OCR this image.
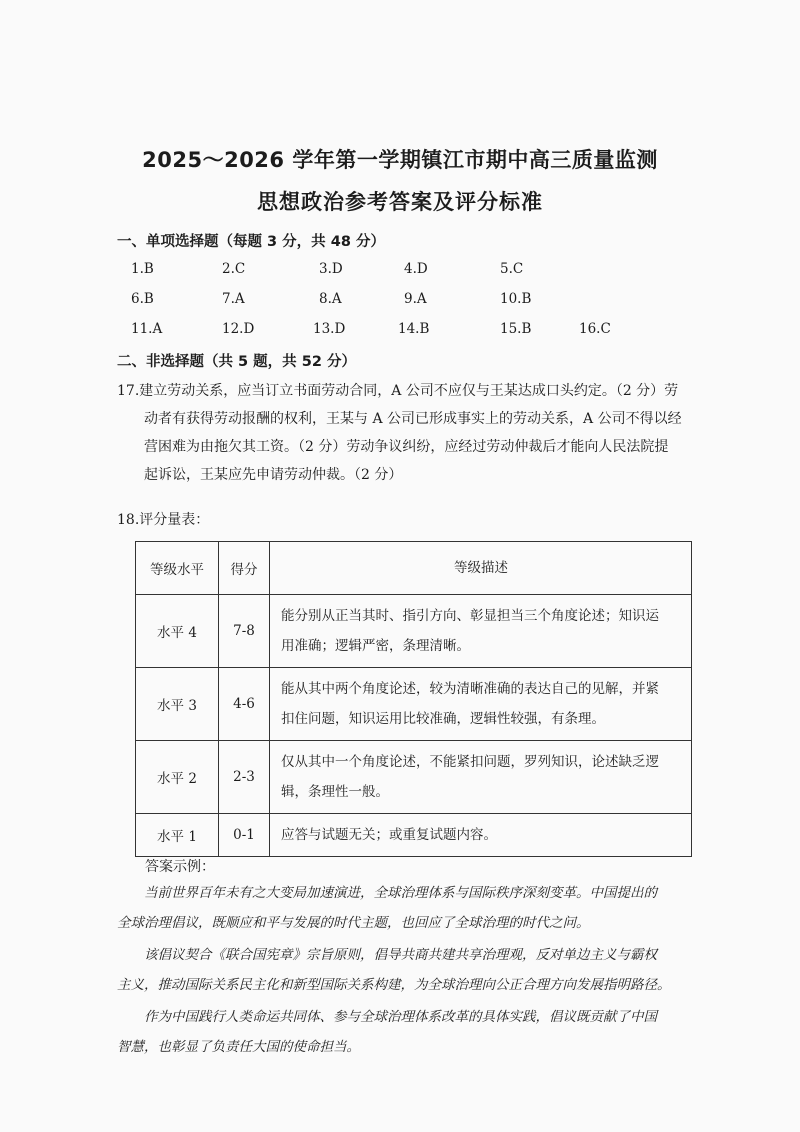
2025～2026 学年第一学期镇江市期中高三质量监测
思想政治参考答案及评分标准
一、单项选择题（每题 3 分，共 48 分）
1.B	2.C	3.D	4.D	5.C
6.B	7.A	8.A	9.A	10.B
11.A	12.D	13.D	14.B	15.B	16.C
二、非选择题（共 5 题，共 52 分）
17.建立劳动关系，应当订立书面劳动合同，A 公司不应仅与王某达成口头约定。（2 分）劳
动者有获得劳动报酬的权利，王某与 A 公司已形成事实上的劳动关系，A 公司不得以经
营困难为由拖欠其工资。（2 分）劳动争议纠纷，应经过劳动仲裁后才能向人民法院提
起诉讼，王某应先申请劳动仲裁。（2 分）
18.评分量表：
等级水平	得分	等级描述
水平 4	7-8	能分别从正当其时、指引方向、彰显担当三个角度论述；知识运
用准确；逻辑严密，条理清晰。

水平 3	4-6	能从其中两个角度论述，较为清晰准确的表达自己的见解，并紧
扣住问题，知识运用比较准确，逻辑性较强，有条理。

水平 2	2-3	仅从其中一个角度论述，不能紧扣问题，罗列知识，论述缺乏逻
辑，条理性一般。

水平 1	0-1	应答与试题无关；或重复试题内容。
答案示例：
当前世界百年未有之大变局加速演进，全球治理体系与国际秩序深刻变革。中国提出的
全球治理倡议，既顺应和平与发展的时代主题，也回应了全球治理的时代之问。
该倡议契合《联合国宪章》宗旨原则，倡导共商共建共享治理观，反对单边主义与霸权
主义，推动国际关系民主化和新型国际关系构建，为全球治理向公正合理方向发展指明路径。
作为中国践行人类命运共同体、参与全球治理体系改革的具体实践，倡议既贡献了中国
智慧，也彰显了负责任大国的使命担当。
